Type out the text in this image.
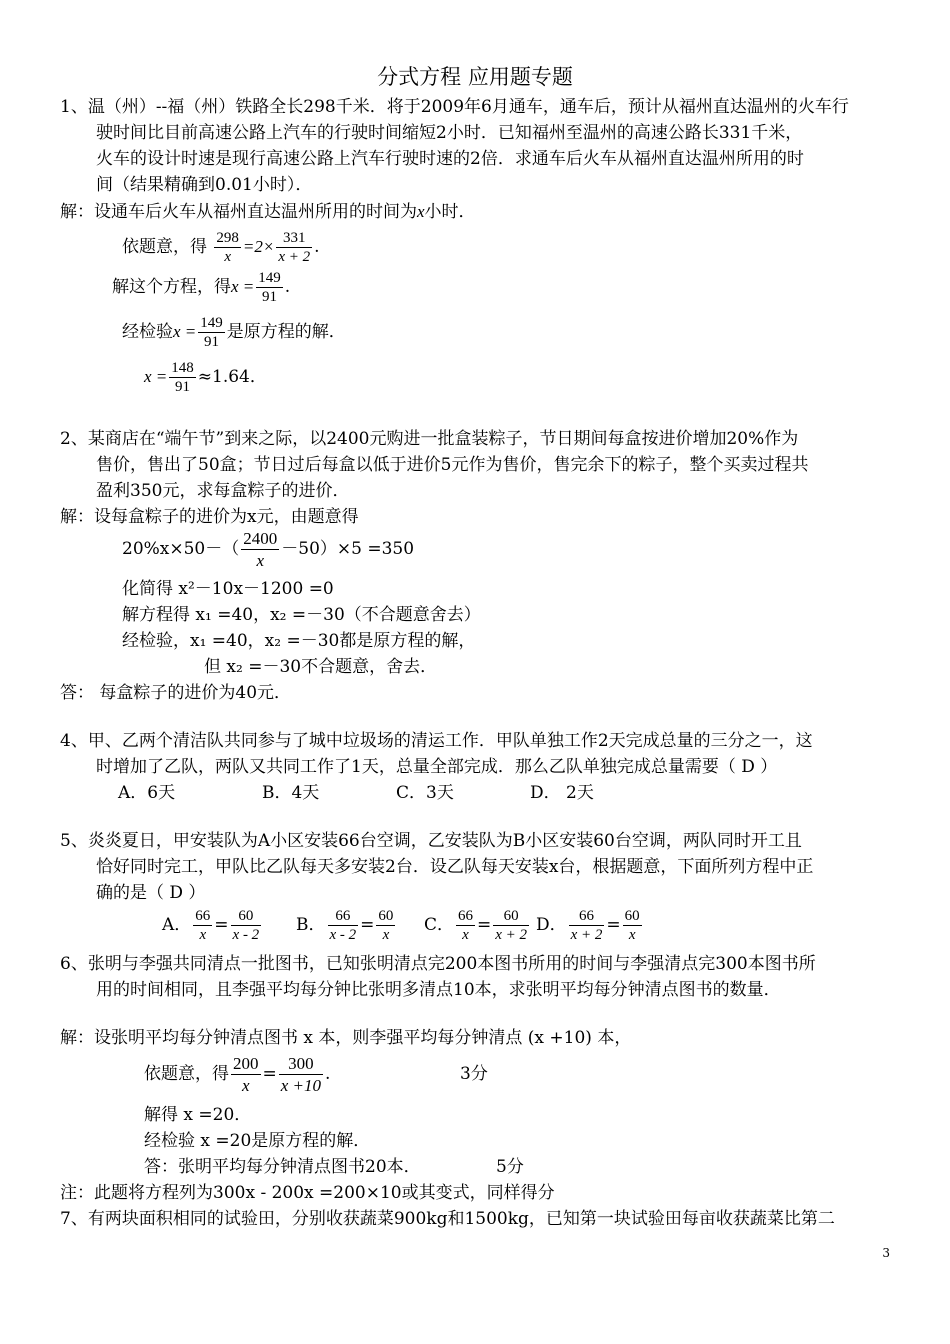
分式方程 应用题专题
1、温（州）--福（州）铁路全长298千米．将于2009年6月通车，通车后，预计从福州直达温州的火车行
驶时间比目前高速公路上汽车的行驶时间缩短2小时．已知福州至温州的高速公路长331千米，
火车的设计时速是现行高速公路上汽车行驶时速的2倍．求通车后火车从福州直达温州所用的时
间（结果精确到0.01小时）．
解：设通车后火车从福州直达温州所用的时间为x小时．
依题意，得 $\frac{298}{x} =2\times \frac{331}{x + 2}$ .
解这个方程，得$x = \frac{149}{91}$ .
经检验$x = \frac{149}{91}$ 是原方程的解．
$x = \frac{148}{91} \approx 1.64$．
2、某商店在“端午节”到来之际，以2400元购进一批盒装粽子，节日期间每盒按进价增加20%作为
售价，售出了50盒；节日过后每盒以低于进价5元作为售价，售完余下的粽子，整个买卖过程共
盈利350元，求每盒粽子的进价．
解：设每盒粽子的进价为x元，由题意得
$20\%x\times 50-( \frac{2400}{x} -50)\times 5 =350$
化简得 x²－10x－1200 =0
解方程得 x₁ =40，x₂ =－30（不合题意舍去）
经检验，x₁ =40，x₂ =－30都是原方程的解，
但 x₂ =－30不合题意，舍去．
答： 每盒粽子的进价为40元．
4、甲、乙两个清洁队共同参与了城中垃圾场的清运工作．甲队单独工作2天完成总量的三分之一，这
时增加了乙队，两队又共同工作了1天，总量全部完成．那么乙队单独完成总量需要（ D ）
A．6天	B．4天	C．3天	D． 2天
5、炎炎夏日，甲安装队为A小区安装66台空调，乙安装队为B小区安装60台空调，两队同时开工且
恰好同时完工，甲队比乙队每天多安装2台．设乙队每天安装x台，根据题意，下面所列方程中正
确的是（ D ）
A． $\frac{66}{x} = \frac{60}{x - 2}$ B． $\frac{66}{x - 2} = \frac{60}{x}$ C． $\frac{66}{x} = \frac{60}{x + 2}$ D． $\frac{66}{x + 2} = \frac{60}{x}$
6、张明与李强共同清点一批图书，已知张明清点完200本图书所用的时间与李强清点完300本图书所
用的时间相同，且李强平均每分钟比张明多清点10本，求张明平均每分钟清点图书的数量．
解：设张明平均每分钟清点图书 x 本，则李强平均每分钟清点 (x +10) 本，
依题意，得 $\frac{200}{x} = \frac{300}{x +10}$ .	3分
解得 x =20．
经检验 x =20是原方程的解．
答：张明平均每分钟清点图书20本．	5分
注：此题将方程列为300x - 200x =200×10或其变式，同样得分
7、有两块面积相同的试验田，分别收获蔬菜900kg和1500kg，已知第一块试验田每亩收获蔬菜比第二
3
